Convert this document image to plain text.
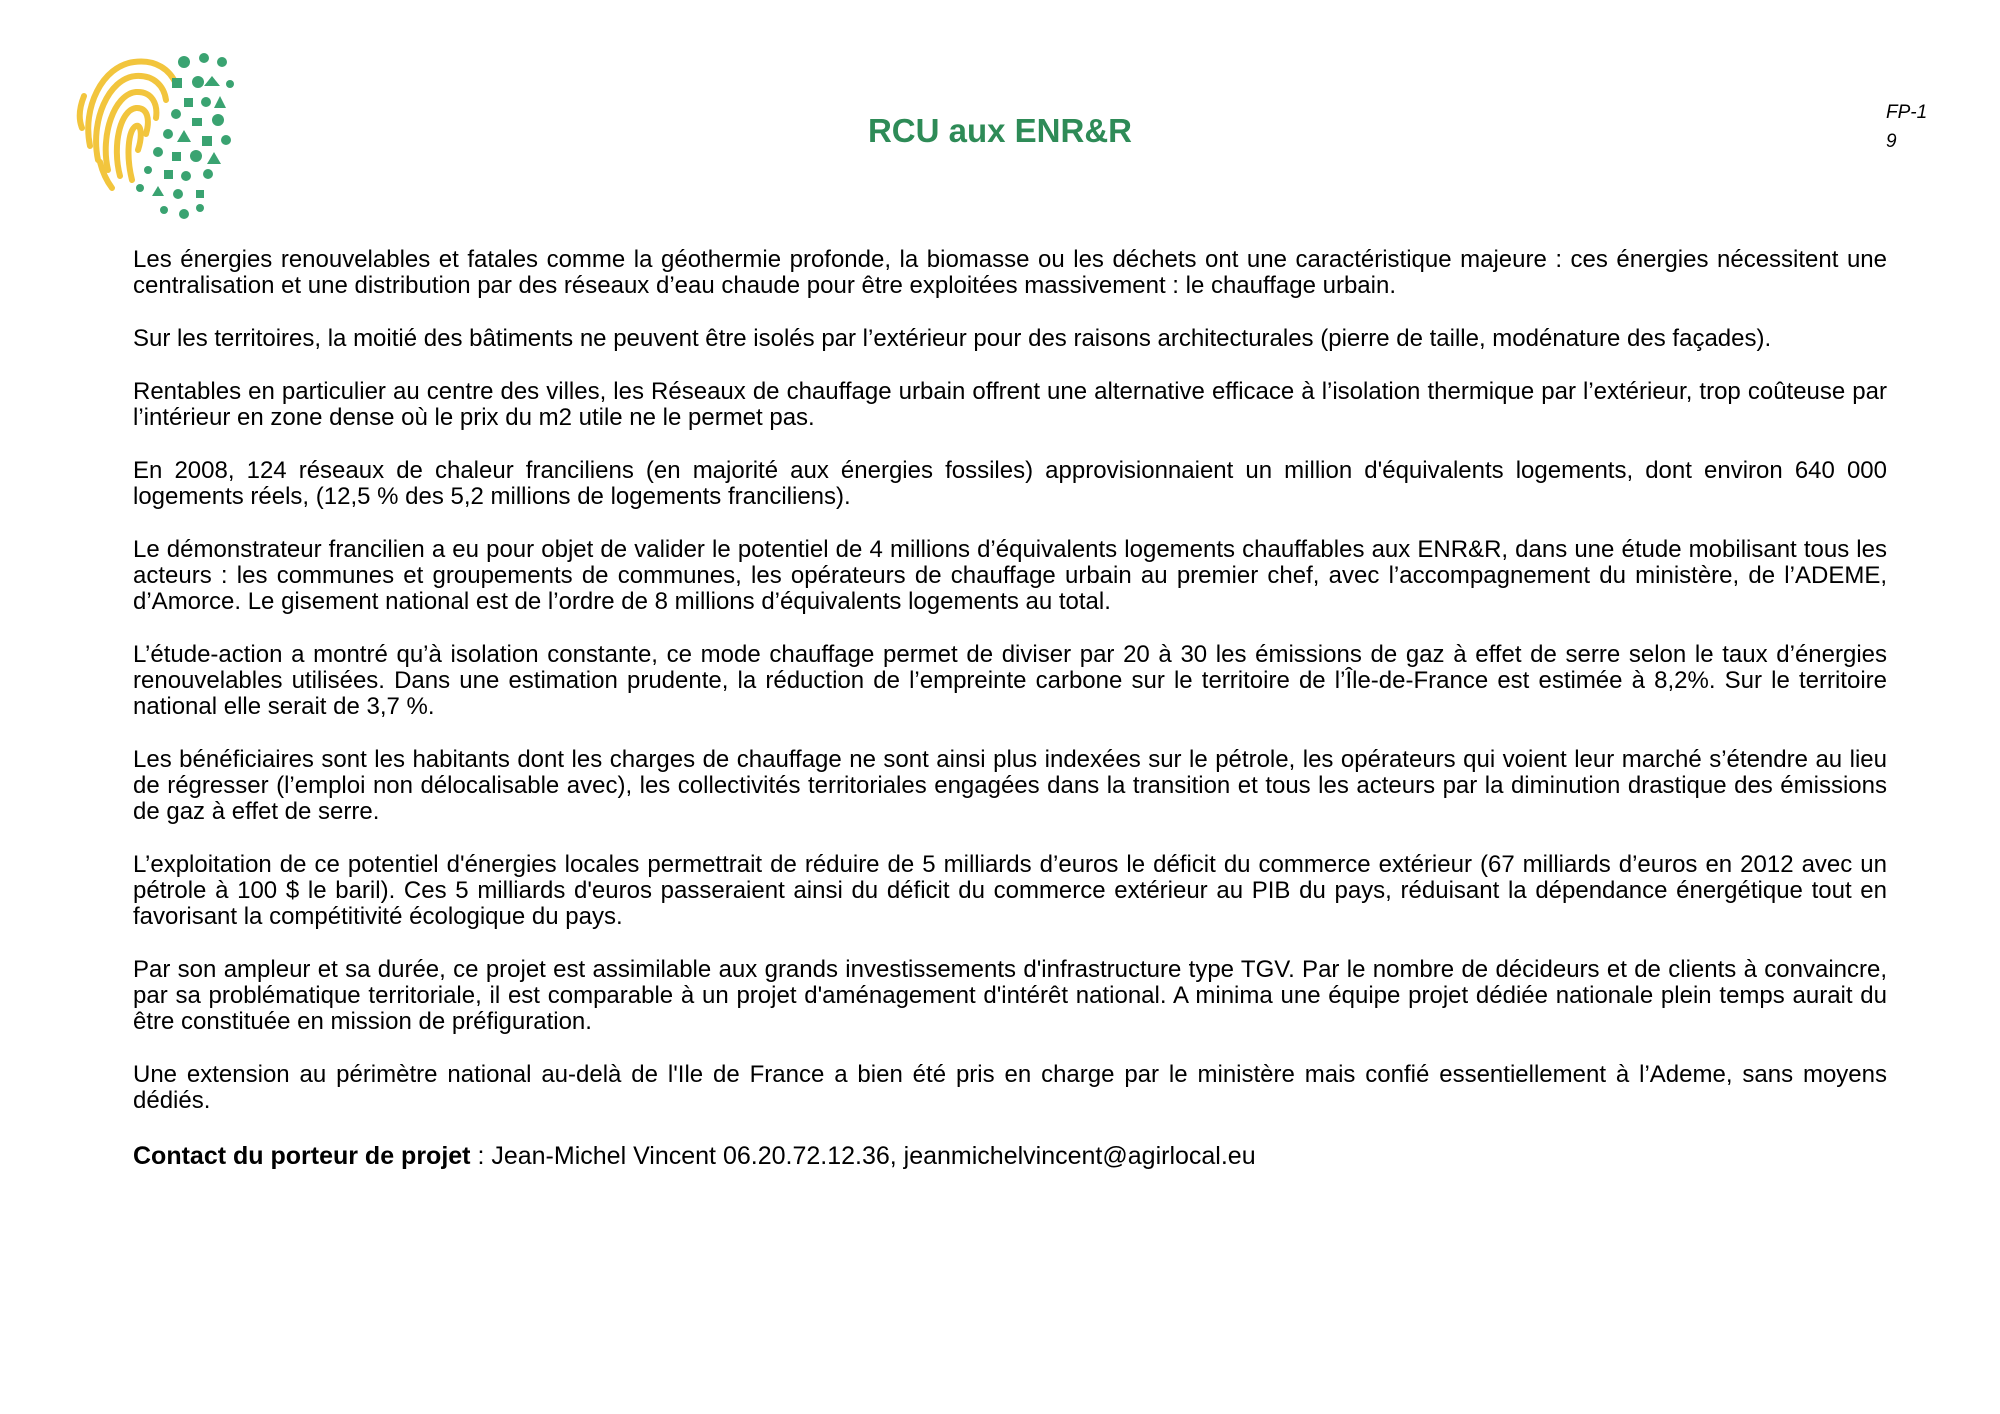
RCU aux ENR&R	FP-1
9

Les énergies renouvelables et fatales comme la géothermie profonde, la biomasse ou les déchets ont une caractéristique majeure : ces énergies nécessitent une centralisation et une distribution par des réseaux d’eau chaude pour être exploitées massivement : le chauffage urbain.

Sur les territoires, la moitié des bâtiments ne peuvent être isolés par l’extérieur pour des raisons architecturales (pierre de taille, modénature des façades).

Rentables en particulier au centre des villes, les Réseaux de chauffage urbain offrent une alternative efficace à l’isolation thermique par l’extérieur, trop coûteuse par l’intérieur en zone dense où le prix du m2 utile ne le permet pas.

En 2008, 124 réseaux de chaleur franciliens (en majorité aux énergies fossiles) approvisionnaient un million d'équivalents logements, dont environ 640 000 logements réels, (12,5 % des 5,2 millions de logements franciliens).

Le démonstrateur francilien a eu pour objet de valider le potentiel de 4 millions d’équivalents logements chauffables aux ENR&R, dans une étude mobilisant tous les acteurs : les communes et groupements de communes, les opérateurs de chauffage urbain au premier chef, avec l’accompagnement du ministère, de l’ADEME, d’Amorce. Le gisement national est de l’ordre de 8 millions d’équivalents logements au total.

L’étude-action a montré qu’à isolation constante, ce mode chauffage permet de diviser par 20 à 30 les émissions de gaz à effet de serre selon le taux d’énergies renouvelables utilisées. Dans une estimation prudente, la réduction de l’empreinte carbone sur le territoire de l’Île-de-France est estimée à 8,2%. Sur le territoire national elle serait de 3,7 %.

Les bénéficiaires sont les habitants dont les charges de chauffage ne sont ainsi plus indexées sur le pétrole, les opérateurs qui voient leur marché s’étendre au lieu de régresser (l’emploi non délocalisable avec), les collectivités territoriales engagées dans la transition et tous les acteurs par la diminution drastique des émissions de gaz à effet de serre.

L’exploitation de ce potentiel d'énergies locales permettrait de réduire de 5 milliards d’euros le déficit du commerce extérieur (67 milliards d’euros en 2012 avec un pétrole à 100 $ le baril). Ces 5 milliards d'euros passeraient ainsi du déficit du commerce extérieur au PIB du pays, réduisant la dépendance énergétique tout en favorisant la compétitivité écologique du pays.

Par son ampleur et sa durée, ce projet est assimilable aux grands investissements d'infrastructure type TGV. Par le nombre de décideurs et de clients à convaincre, par sa problématique territoriale, il est comparable à un projet d'aménagement d'intérêt national. A minima une équipe projet dédiée nationale plein temps aurait du être constituée en mission de préfiguration.

Une extension au périmètre national au-delà de l'Ile de France a bien été pris en charge par le ministère mais confié essentiellement à l’Ademe, sans moyens dédiés.

Contact du porteur de projet : Jean-Michel Vincent 06.20.72.12.36, jeanmichelvincent@agirlocal.eu
